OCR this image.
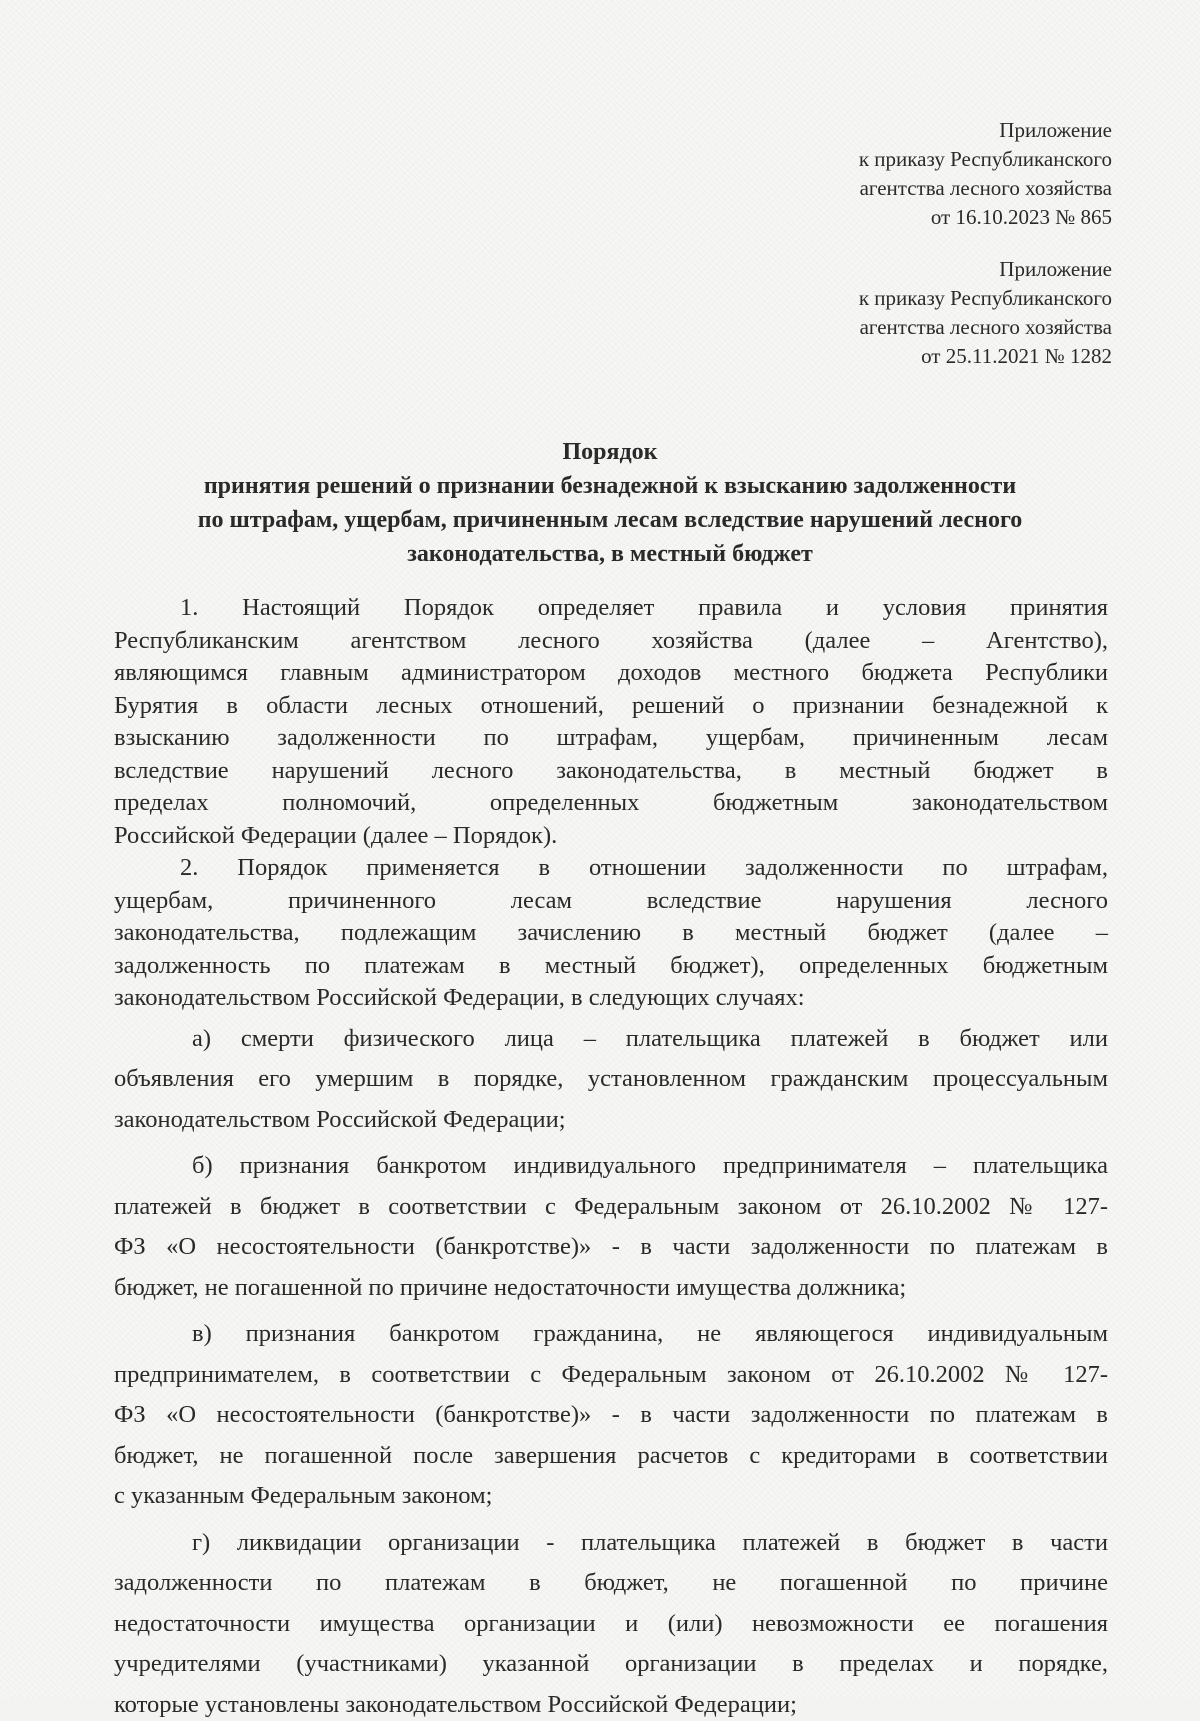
Приложение
к приказу Республиканского
агентства лесного хозяйства
от 16.10.2023 № 865
Приложение
к приказу Республиканского
агентства лесного хозяйства
от 25.11.2021 № 1282
Порядок
принятия решений о признании безнадежной к взысканию задолженности
по штрафам, ущербам, причиненным лесам вследствие нарушений лесного
законодательства, в местный бюджет
1. Настоящий Порядок определяет правила и условия принятия
Республиканским агентством лесного хозяйства (далее – Агентство),
являющимся главным администратором доходов местного бюджета Республики
Бурятия в области лесных отношений, решений о признании безнадежной к
взысканию задолженности по штрафам, ущербам, причиненным лесам
вследствие нарушений лесного законодательства, в местный бюджет в
пределах полномочий, определенных бюджетным законодательством
Российской Федерации (далее – Порядок).
2. Порядок применяется в отношении задолженности по штрафам,
ущербам, причиненного лесам вследствие нарушения лесного
законодательства, подлежащим зачислению в местный бюджет (далее –
задолженность по платежам в местный бюджет), определенных бюджетным
законодательством Российской Федерации, в следующих случаях:
а) смерти физического лица – плательщика платежей в бюджет или
объявления его умершим в порядке, установленном гражданским процессуальным
законодательством Российской Федерации;
б) признания банкротом индивидуального предпринимателя – плательщика
платежей в бюджет в соответствии с Федеральным законом от 26.10.2002 № 127-
ФЗ «О несостоятельности (банкротстве)» - в части задолженности по платежам в
бюджет, не погашенной по причине недостаточности имущества должника;
в) признания банкротом гражданина, не являющегося индивидуальным
предпринимателем, в соответствии с Федеральным законом от 26.10.2002 № 127-
ФЗ «О несостоятельности (банкротстве)» - в части задолженности по платежам в
бюджет, не погашенной после завершения расчетов с кредиторами в соответствии
с указанным Федеральным законом;
г) ликвидации организации - плательщика платежей в бюджет в части
задолженности по платежам в бюджет, не погашенной по причине
недостаточности имущества организации и (или) невозможности ее погашения
учредителями (участниками) указанной организации в пределах и порядке,
которые установлены законодательством Российской Федерации;
